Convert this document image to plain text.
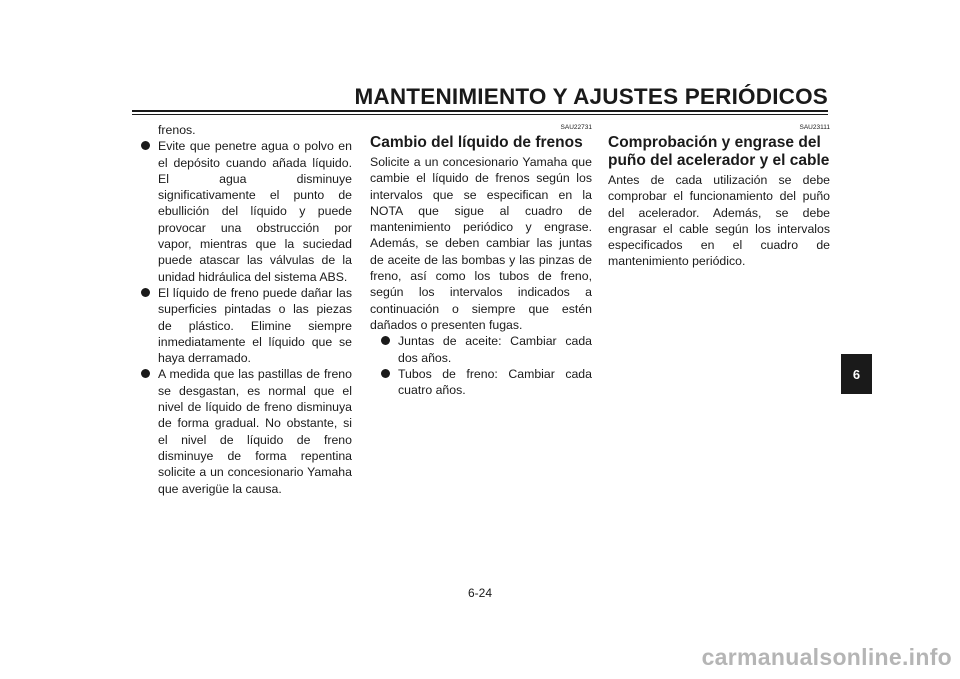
MANTENIMIENTO Y AJUSTES PERIÓDICOS
frenos.
Evite que penetre agua o polvo en el depósito cuando añada líquido. El agua disminuye significativamente el punto de ebullición del líquido y puede provocar una obstrucción por vapor, mientras que la suciedad puede atascar las válvulas de la unidad hidráulica del sistema ABS.
El líquido de freno puede dañar las superficies pintadas o las piezas de plástico. Elimine siempre inmediatamente el líquido que se haya derramado.
A medida que las pastillas de freno se desgastan, es normal que el nivel de líquido de freno disminuya de forma gradual. No obstante, si el nivel de líquido de freno disminuye de forma repentina solicite a un concesionario Yamaha que averigüe la causa.
SAU22731
Cambio del líquido de frenos
Solicite a un concesionario Yamaha que cambie el líquido de frenos según los intervalos que se especifican en la NOTA que sigue al cuadro de mantenimiento periódico y engrase. Además, se deben cambiar las juntas de aceite de las bombas y las pinzas de freno, así como los tubos de freno, según los intervalos indicados a continuación o siempre que estén dañados o presenten fugas.
Juntas de aceite: Cambiar cada dos años.
Tubos de freno: Cambiar cada cuatro años.
SAU23111
Comprobación y engrase del
puño del acelerador y el cable
Antes de cada utilización se debe comprobar el funcionamiento del puño del acelerador. Además, se debe engrasar el cable según los intervalos especificados en el cuadro de mantenimiento periódico.
6
6-24
carmanualsonline.info
